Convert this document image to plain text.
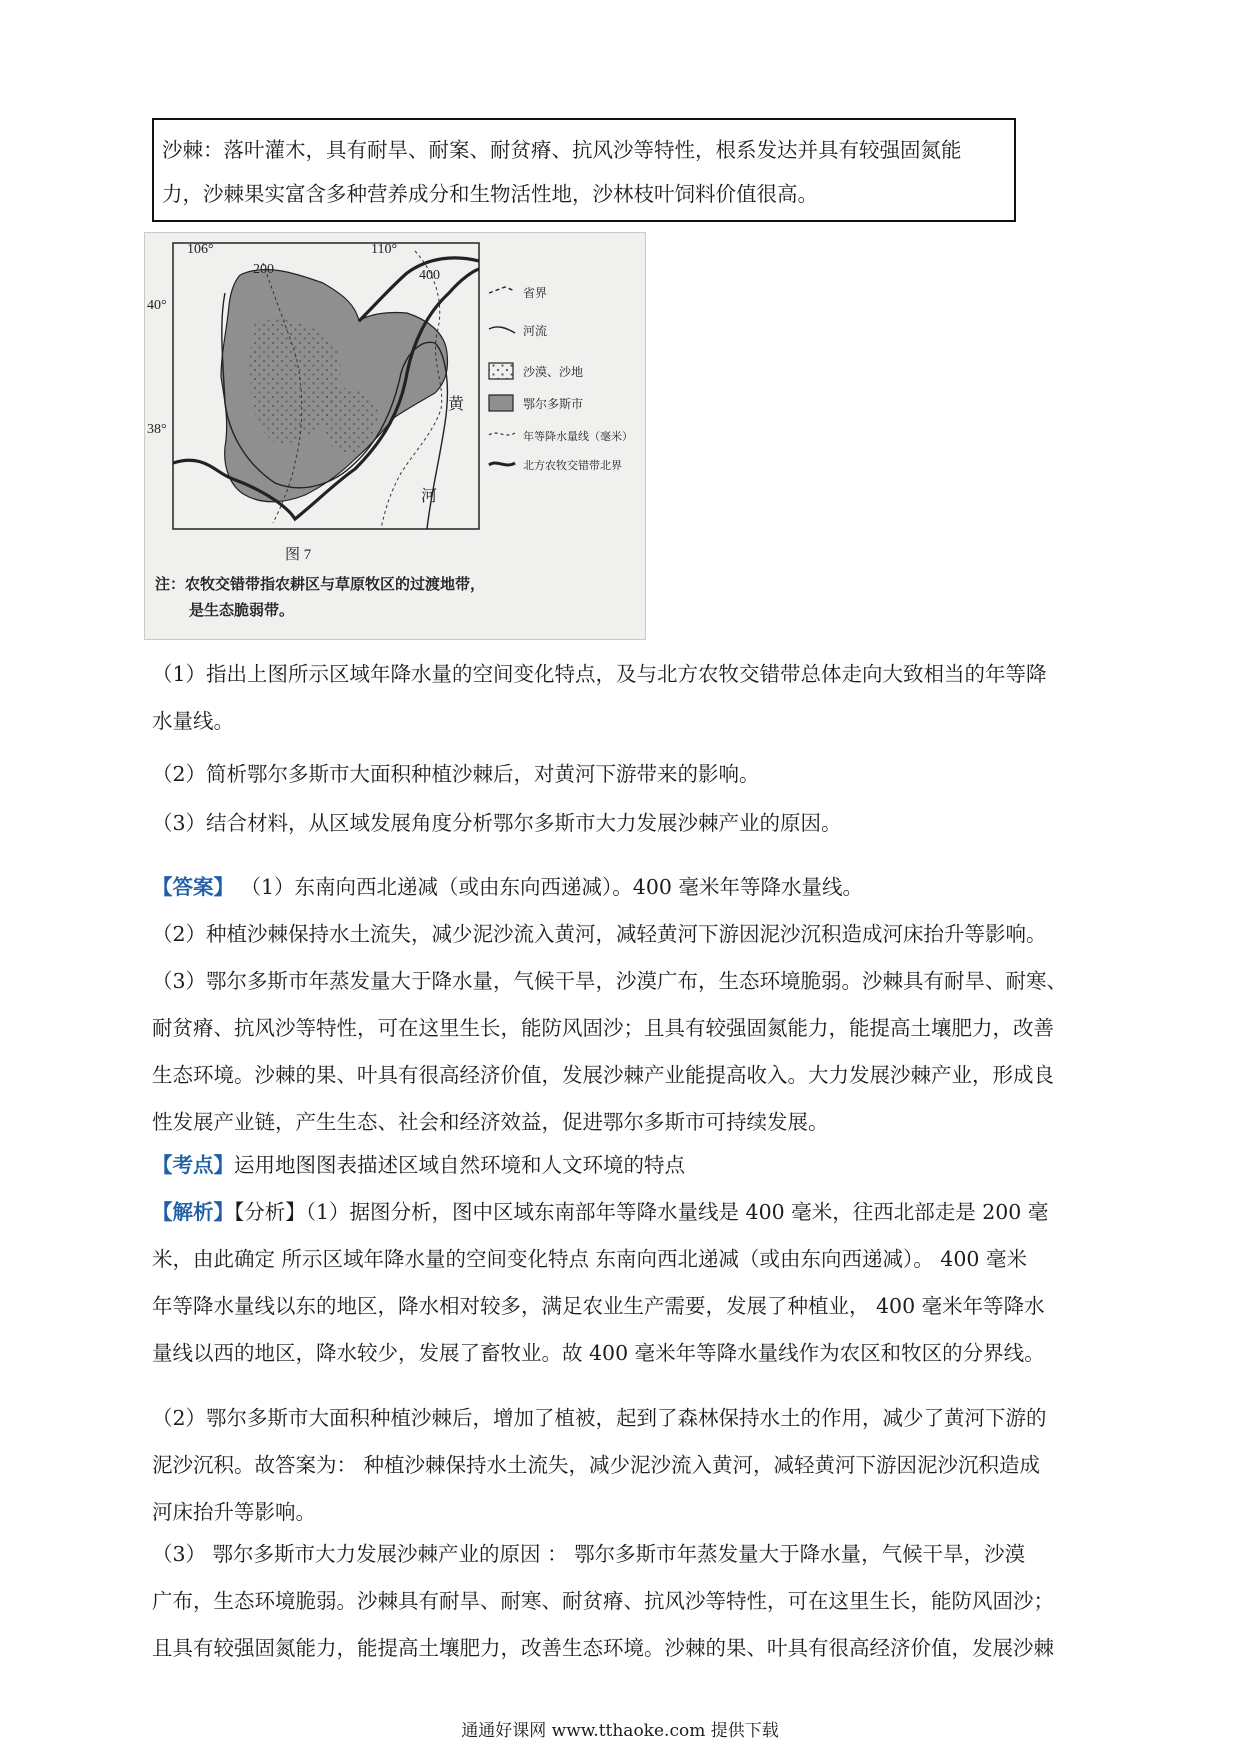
沙棘：落叶灌木，具有耐旱、耐案、耐贫瘠、抗风沙等特性，根系发达并具有较强固氮能
力，沙棘果实富含多种营养成分和生物活性地，沙林枝叶饲料价值很高。
106°	110°
40°
38°
200	400
黄
河
省界
河流
沙漠、沙地
鄂尔多斯市
年等降水量线（毫米）
北方农牧交错带北界
图 7
注：农牧交错带指农耕区与草原牧区的过渡地带，
是生态脆弱带。
（1）指出上图所示区域年降水量的空间变化特点，及与北方农牧交错带总体走向大致相当的年等降
水量线。
（2）简析鄂尔多斯市大面积种植沙棘后，对黄河下游带来的影响。
（3）结合材料，从区域发展角度分析鄂尔多斯市大力发展沙棘产业的原因。
【答案】 （1）东南向西北递减（或由东向西递减）。400 毫米年等降水量线。
（2）种植沙棘保持水土流失，减少泥沙流入黄河，减轻黄河下游因泥沙沉积造成河床抬升等影响。
（3）鄂尔多斯市年蒸发量大于降水量，气候干旱，沙漠广布，生态环境脆弱。沙棘具有耐旱、耐寒、
耐贫瘠、抗风沙等特性，可在这里生长，能防风固沙；且具有较强固氮能力，能提高土壤肥力，改善
生态环境。沙棘的果、叶具有很高经济价值，发展沙棘产业能提高收入。大力发展沙棘产业，形成良
性发展产业链，产生生态、社会和经济效益，促进鄂尔多斯市可持续发展。
【考点】运用地图图表描述区域自然环境和人文环境的特点
【解析】【分析】（1）据图分析，图中区域东南部年等降水量线是 400 毫米，往西北部走是 200 毫
米，由此确定 所示区域年降水量的空间变化特点 东南向西北递减（或由东向西递减）。 400 毫米
年等降水量线以东的地区，降水相对较多，满足农业生产需要，发展了种植业， 400 毫米年等降水
量线以西的地区，降水较少，发展了畜牧业。故 400 毫米年等降水量线作为农区和牧区的分界线。
（2）鄂尔多斯市大面积种植沙棘后，增加了植被，起到了森林保持水土的作用，减少了黄河下游的
泥沙沉积。故答案为： 种植沙棘保持水土流失，减少泥沙流入黄河，减轻黄河下游因泥沙沉积造成
河床抬升等影响。
（3） 鄂尔多斯市大力发展沙棘产业的原因 ： 鄂尔多斯市年蒸发量大于降水量，气候干旱，沙漠
广布，生态环境脆弱。沙棘具有耐旱、耐寒、耐贫瘠、抗风沙等特性，可在这里生长，能防风固沙；
且具有较强固氮能力，能提高土壤肥力，改善生态环境。沙棘的果、叶具有很高经济价值，发展沙棘
通通好课网 www.tthaoke.com 提供下载
